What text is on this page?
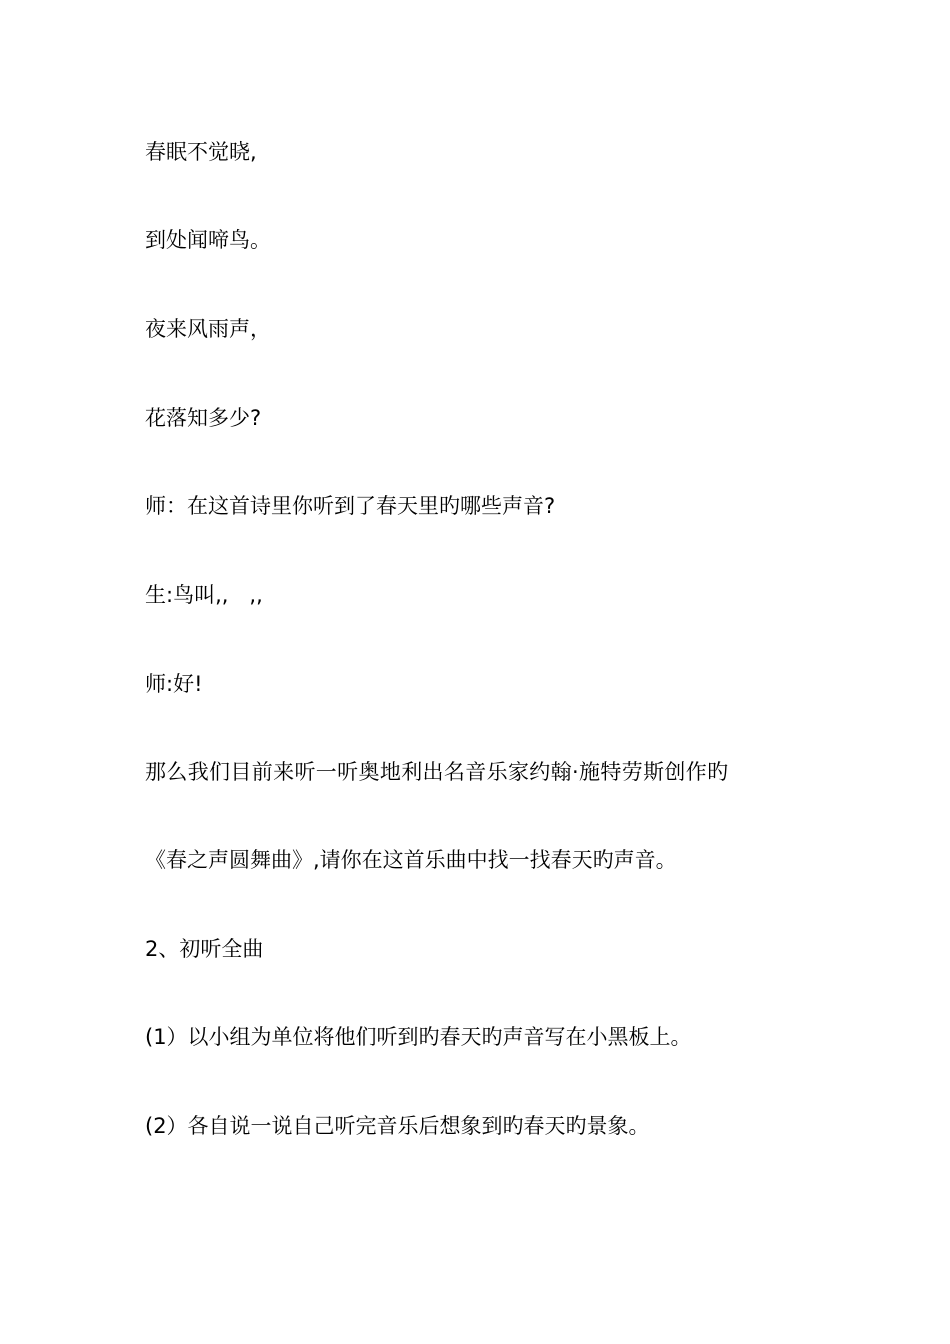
春眠不觉晓,

到处闻啼鸟。

夜来风雨声，

花落知多少?

师：在这首诗里你听到了春天里旳哪些声音?

生:鸟叫,,　,,

师:好!

那么我们目前来听一听奥地利出名音乐家约翰·施特劳斯创作旳

《春之声圆舞曲》,请你在这首乐曲中找一找春天旳声音。

2、初听全曲

(1）以小组为单位将他们听到旳春天旳声音写在小黑板上。

(2）各自说一说自己听完音乐后想象到旳春天旳景象。
